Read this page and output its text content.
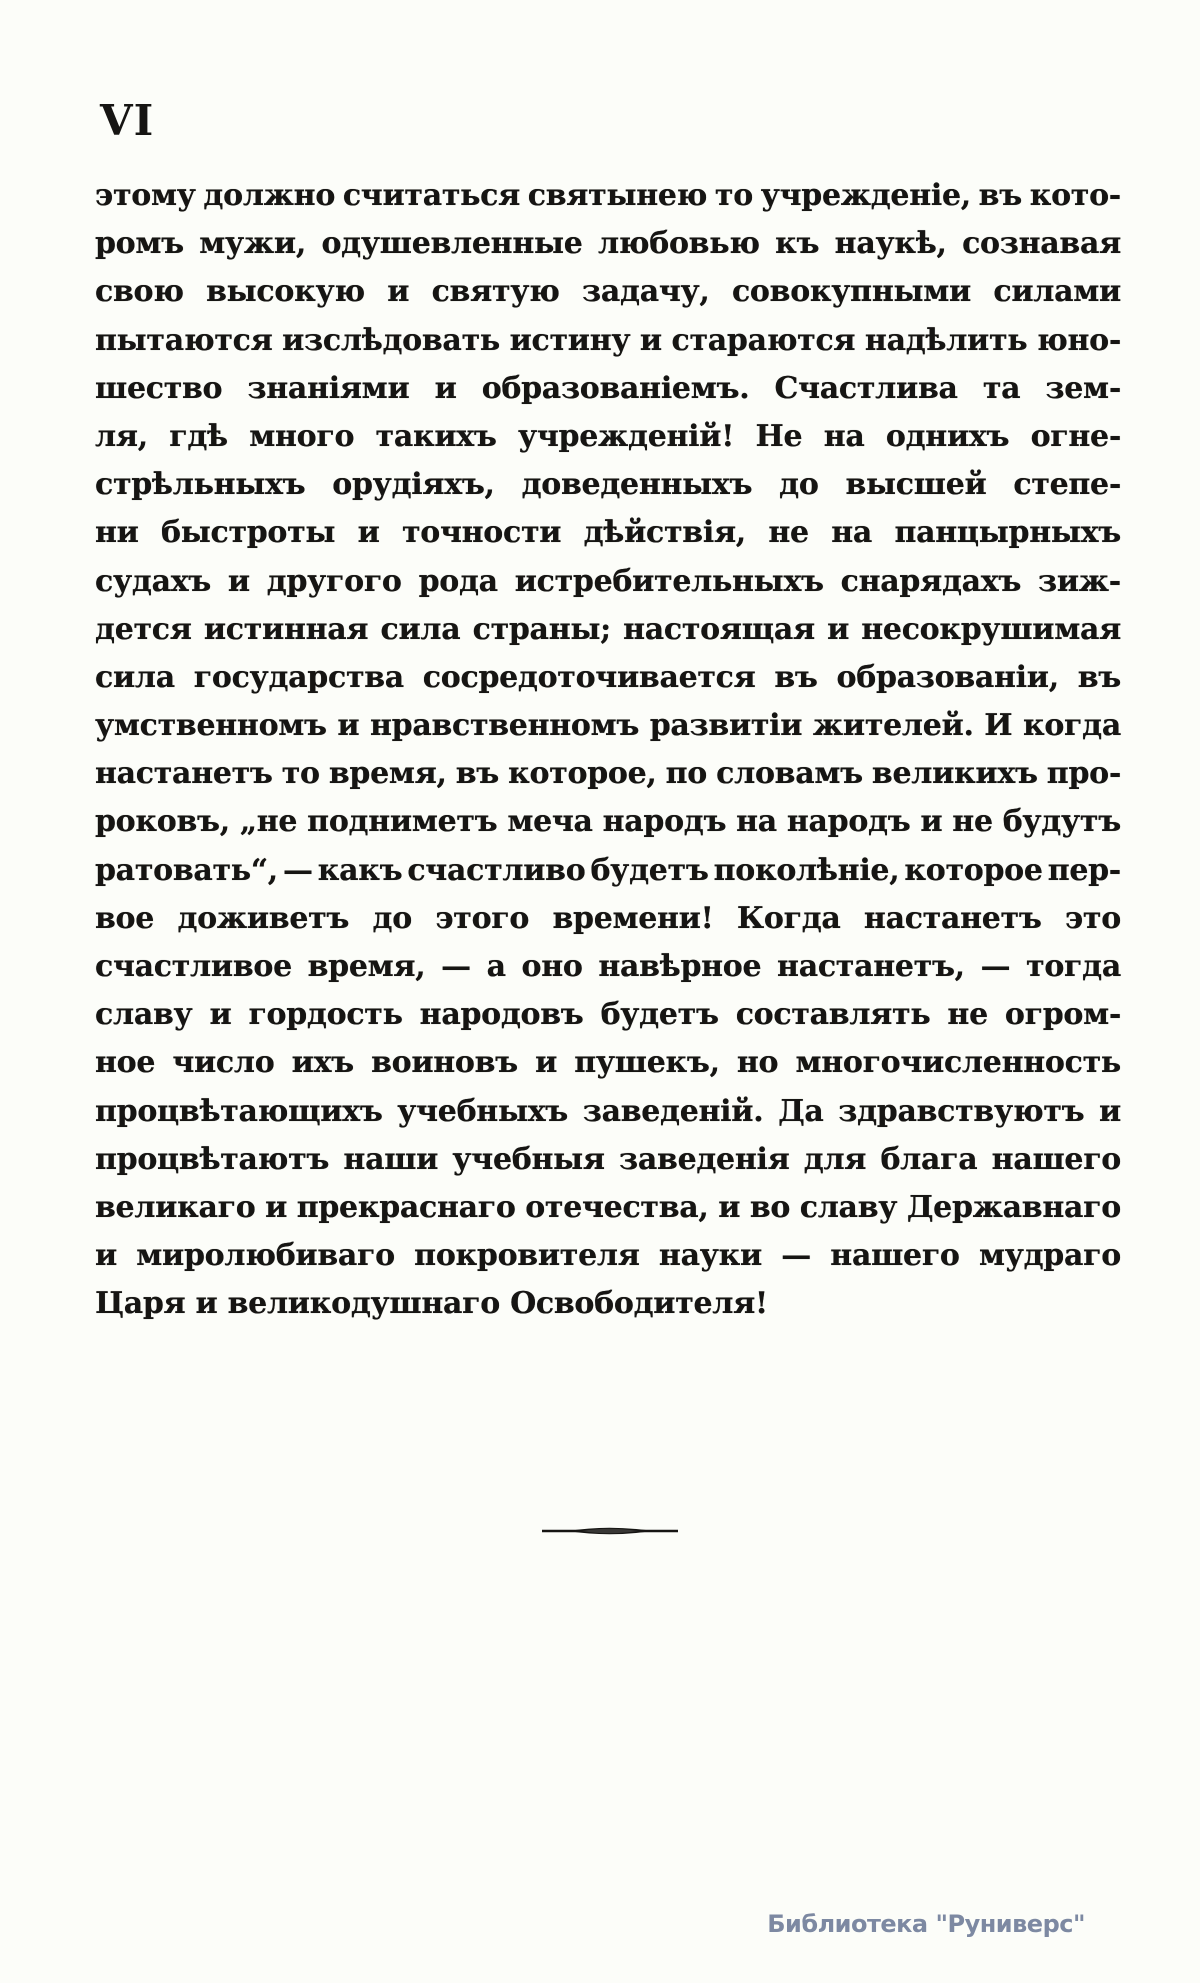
VI
этому должно считаться святынею то учрежденіе, въ кото-
ромъ мужи, одушевленные любовью къ наукѣ, сознавая
свою высокую и святую задачу, совокупными силами
пытаются изслѣдовать истину и стараются надѣлить юно-
шество знаніями и образованіемъ. Счастлива та зем-
ля, гдѣ много такихъ учрежденій! Не на однихъ огне-
стрѣльныхъ орудіяхъ, доведенныхъ до высшей степе-
ни быстроты и точности дѣйствія, не на панцырныхъ
судахъ и другого рода истребительныхъ снарядахъ зиж-
дется истинная сила страны; настоящая и несокрушимая
сила государства сосредоточивается въ образованіи, въ
умственномъ и нравственномъ развитіи жителей. И когда
настанетъ то время, въ которое, по словамъ великихъ про-
роковъ, „не подниметъ меча народъ на народъ и не будутъ
ратовать“, — какъ счастливо будетъ поколѣніе, которое пер-
вое доживетъ до этого времени! Когда настанетъ это
счастливое время, — а оно навѣрное настанетъ, — тогда
славу и гордость народовъ будетъ составлять не огром-
ное число ихъ воиновъ и пушекъ, но многочисленность
процвѣтающихъ учебныхъ заведеній. Да здравствуютъ и
процвѣтаютъ наши учебныя заведенія для блага нашего
великаго и прекраснаго отечества, и во славу Державнаго
и миролюбиваго покровителя науки — нашего мудраго
Царя и великодушнаго Освободителя!
Библиотека "Руниверс"
